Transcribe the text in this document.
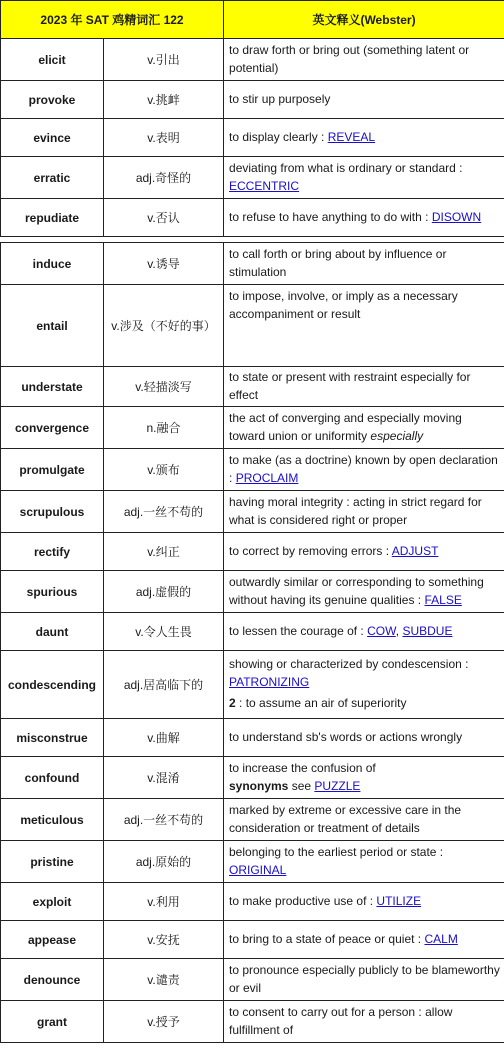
2023 年 SAT 鸡精词汇 122		英文释义(Webster)
elicit	v.引出	to draw forth or bring out (something latent or potential)
provoke	v.挑衅	to stir up purposely
evince	v.表明	to display clearly : REVEAL
erratic	adj.奇怪的	deviating from what is ordinary or standard : ECCENTRIC
repudiate	v.否认	to refuse to have anything to do with : DISOWN
induce	v.诱导	to call forth or bring about by influence or stimulation
entail	v.涉及（不好的事）	to impose, involve, or imply as a necessary accompaniment or result
understate	v.轻描淡写	to state or present with restraint especially for effect
convergence	n.融合	the act of converging and especially moving toward union or uniformity especially
promulgate	v.颁布	to make (as a doctrine) known by open declaration : PROCLAIM
scrupulous	adj.一丝不苟的	having moral integrity : acting in strict regard for what is considered right or proper
rectify	v.纠正	to correct by removing errors : ADJUST
spurious	adj.虚假的	outwardly similar or corresponding to something without having its genuine qualities : FALSE
daunt	v.令人生畏	to lessen the courage of : COW, SUBDUE
condescending	adj.居高临下的	showing or characterized by condescension : PATRONIZING
2 : to assume an air of superiority

misconstrue	v.曲解	to understand sb's words or actions wrongly
confound	v.混淆	to increase the confusion of
synonyms see PUZZLE

meticulous	adj.一丝不苟的	marked by extreme or excessive care in the consideration or treatment of details
pristine	adj.原始的	belonging to the earliest period or state : ORIGINAL
exploit	v.利用	to make productive use of : UTILIZE
appease	v.安抚	to bring to a state of peace or quiet : CALM
denounce	v.谴责	to pronounce especially publicly to be blameworthy or evil
grant	v.授予	to consent to carry out for a person : allow fulfillment of
